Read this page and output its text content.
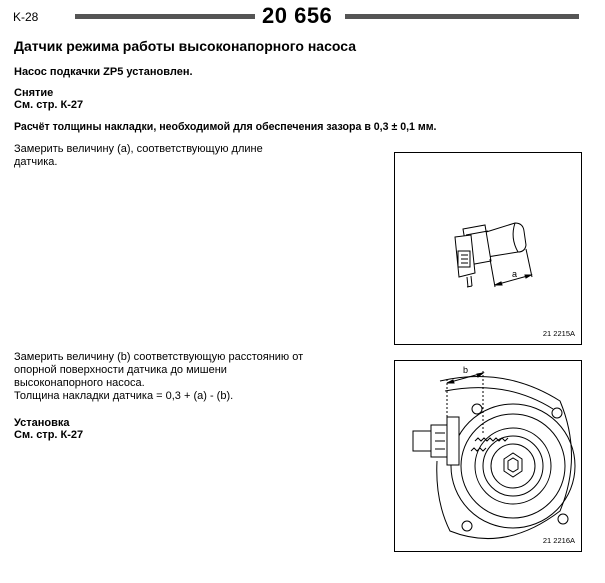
K-28	20 656
Датчик режима работы высоконапорного насоса
Насос подкачки ZP5 установлен.
Снятие
См. стр. К-27
Расчёт толщины накладки, необходимой для обеспечения зазора в 0,3 ± 0,1 мм.
Замерить величину (a), соответствующую длине
датчика.
a
21 2215A
Замерить величину (b) соответствующую расстоянию от
опорной поверхности датчика до мишени
высоконапорного насоса.
Толщина накладки датчика = 0,3 + (a) - (b).
Установка
См. стр. К-27
b
21 2216A
